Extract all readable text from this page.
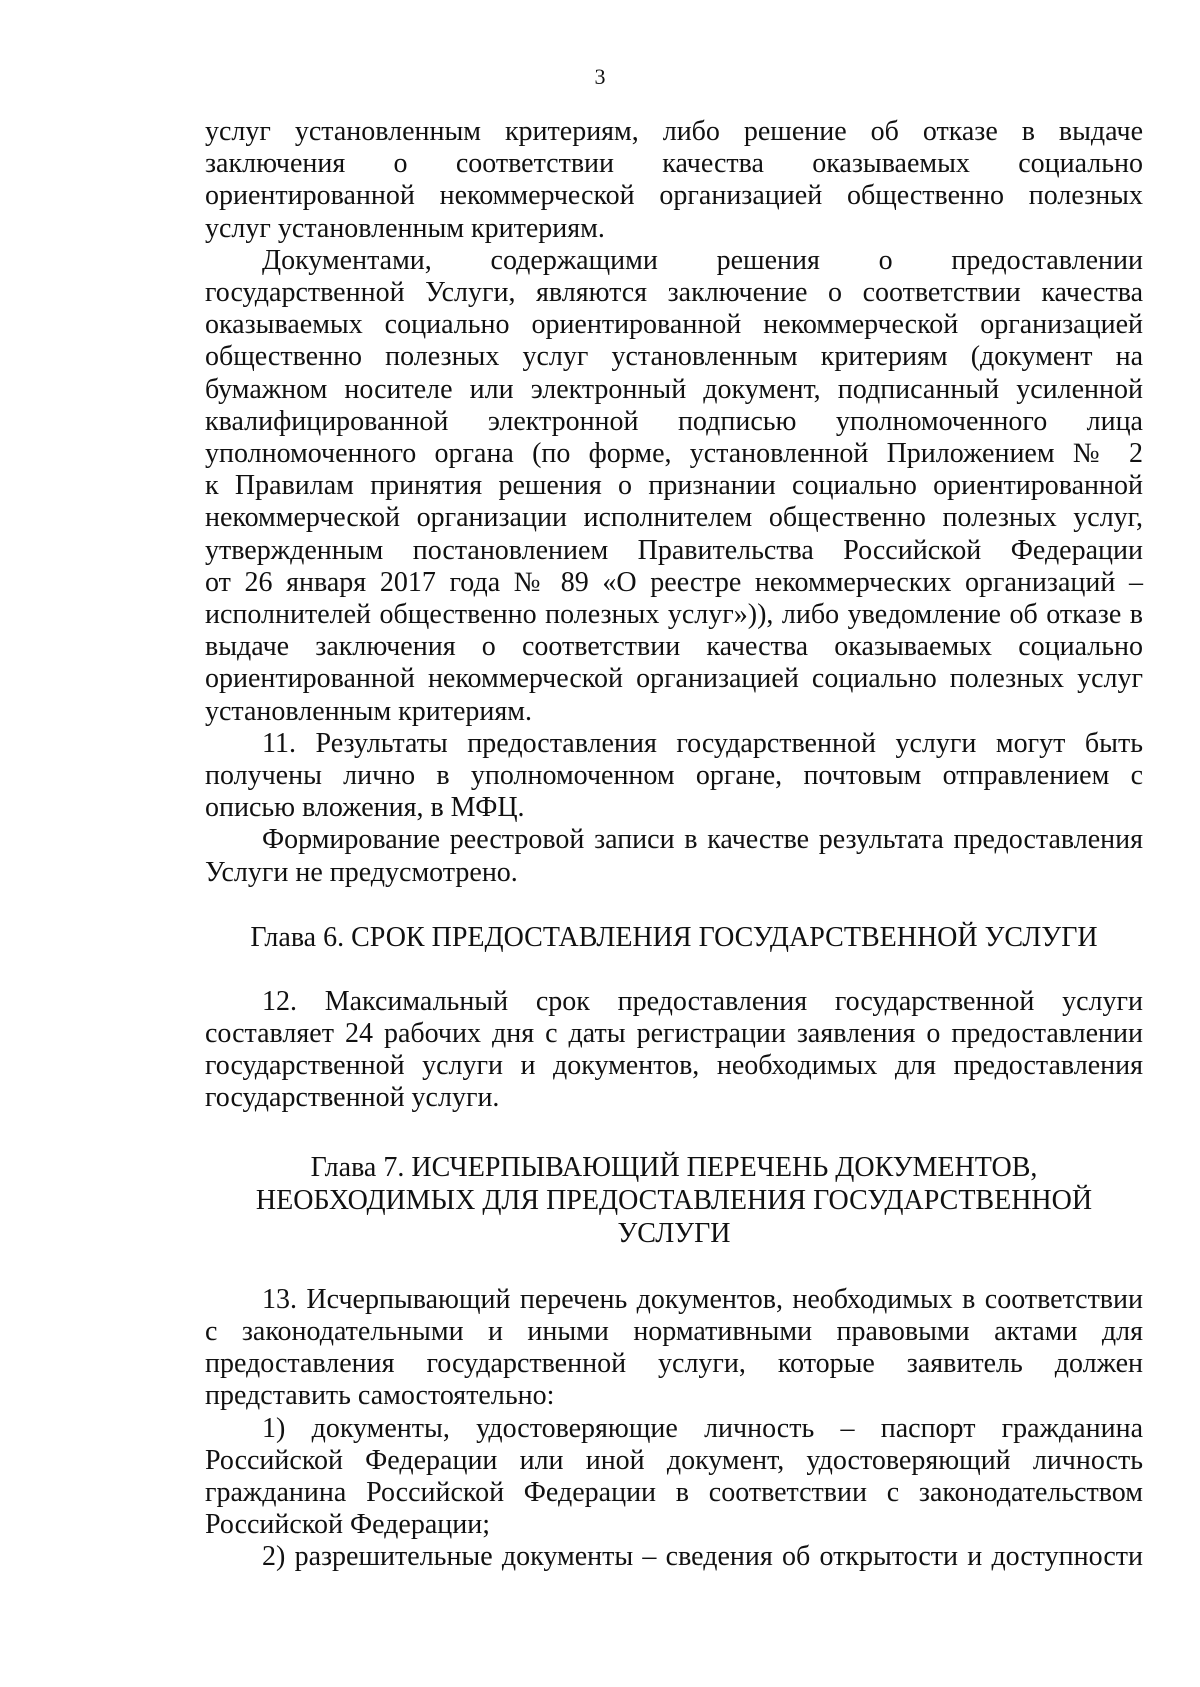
3
услуг установленным критериям, либо решение об отказе в выдаче
заключения о соответствии качества оказываемых социально
ориентированной некоммерческой организацией общественно полезных
услуг установленным критериям.
Документами, содержащими решения о предоставлении
государственной Услуги, являются заключение о соответствии качества
оказываемых социально ориентированной некоммерческой организацией
общественно полезных услуг установленным критериям (документ на
бумажном носителе или электронный документ, подписанный усиленной
квалифицированной электронной подписью уполномоченного лица
уполномоченного органа (по форме, установленной Приложением № 2
к Правилам принятия решения о признании социально ориентированной
некоммерческой организации исполнителем общественно полезных услуг,
утвержденным постановлением Правительства Российской Федерации
от 26 января 2017 года № 89 «О реестре некоммерческих организаций –
исполнителей общественно полезных услуг»)), либо уведомление об отказе в
выдаче заключения о соответствии качества оказываемых социально
ориентированной некоммерческой организацией социально полезных услуг
установленным критериям.
11. Результаты предоставления государственной услуги могут быть
получены лично в уполномоченном органе, почтовым отправлением с
описью вложения, в МФЦ.
Формирование реестровой записи в качестве результата предоставления
Услуги не предусмотрено.
Глава 6. СРОК ПРЕДОСТАВЛЕНИЯ ГОСУДАРСТВЕННОЙ УСЛУГИ
12. Максимальный срок предоставления государственной услуги
составляет 24 рабочих дня с даты регистрации заявления о предоставлении
государственной услуги и документов, необходимых для предоставления
государственной услуги.
Глава 7. ИСЧЕРПЫВАЮЩИЙ ПЕРЕЧЕНЬ ДОКУМЕНТОВ,
НЕОБХОДИМЫХ ДЛЯ ПРЕДОСТАВЛЕНИЯ ГОСУДАРСТВЕННОЙ
УСЛУГИ
13. Исчерпывающий перечень документов, необходимых в соответствии
с законодательными и иными нормативными правовыми актами для
предоставления государственной услуги, которые заявитель должен
представить самостоятельно:
1) документы, удостоверяющие личность – паспорт гражданина
Российской Федерации или иной документ, удостоверяющий личность
гражданина Российской Федерации в соответствии с законодательством
Российской Федерации;
2) разрешительные документы – сведения об открытости и доступности
